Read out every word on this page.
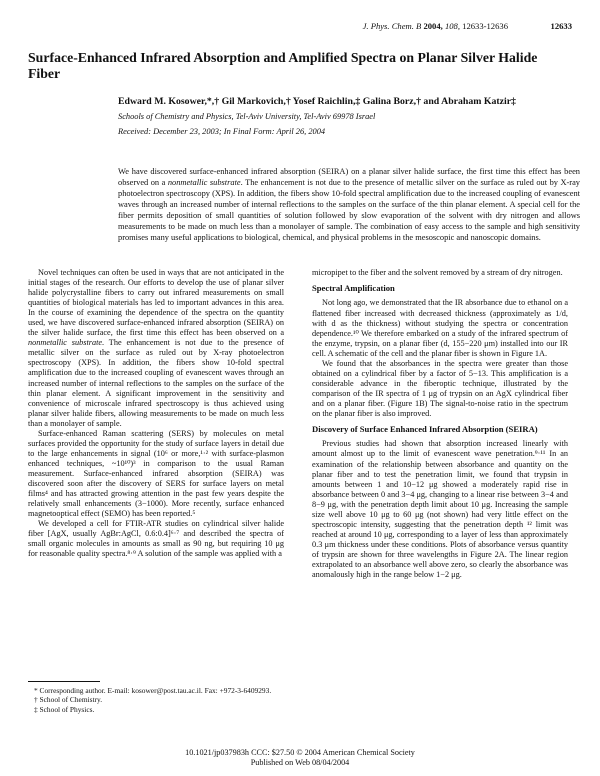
J. Phys. Chem. B 2004, 108, 12633-12636	12633
Surface-Enhanced Infrared Absorption and Amplified Spectra on Planar Silver Halide Fiber
Edward M. Kosower,*,† Gil Markovich,† Yosef Raichlin,‡ Galina Borz,† and Abraham Katzir‡
Schools of Chemistry and Physics, Tel-Aviv University, Tel-Aviv 69978 Israel
Received: December 23, 2003; In Final Form: April 26, 2004

We have discovered surface-enhanced infrared absorption (SEIRA) on a planar silver halide surface, the first time this effect has been observed on a nonmetallic substrate. The enhancement is not due to the presence of metallic silver on the surface as ruled out by X-ray photoelectron spectroscopy (XPS). In addition, the fibers show 10-fold spectral amplification due to the increased coupling of evanescent waves through an increased number of internal reflections to the samples on the surface of the thin planar element. A special cell for the fiber permits deposition of small quantities of solution followed by slow evaporation of the solvent with dry nitrogen and allows measurements to be made on much less than a monolayer of sample. The combination of easy access to the sample and high sensitivity promises many useful applications to biological, chemical, and physical problems in the mesoscopic and nanoscopic domains.

Novel techniques can often be used in ways that are not anticipated in the initial stages of the research. Our efforts to develop the use of planar silver halide polycrystalline fibers to carry out infrared measurements on small quantities of biological materials has led to important advances in this area. In the course of examining the dependence of the spectra on the quantity used, we have discovered surface-enhanced infrared absorption (SEIRA) on the silver halide surface, the first time this effect has been observed on a nonmetallic substrate. The enhancement is not due to the presence of metallic silver on the surface as ruled out by X-ray photoelectron spectroscopy (XPS). In addition, the fibers show 10-fold spectral amplification due to the increased coupling of evanescent waves through an increased number of internal reflections to the samples on the surface of the thin planar element. A significant improvement in the sensitivity and convenience of microscale infrared spectroscopy is thus achieved using planar silver halide fibers, allowing measurements to be made on much less than a monolayer of sample.

Surface-enhanced Raman scattering (SERS) by molecules on metal surfaces provided the opportunity for the study of surface layers in detail due to the large enhancements in signal (10⁶ or more,¹·² with surface-plasmon enhanced techniques, ~10¹⁰)³ in comparison to the usual Raman measurement. Surface-enhanced infrared absorption (SEIRA) was discovered soon after the discovery of SERS for surface layers on metal films⁴ and has attracted growing attention in the past few years despite the relatively small enhancements (3−1000). More recently, surface enhanced magnetooptical effect (SEMO) has been reported.⁵

We developed a cell for FTIR-ATR studies on cylindrical silver halide fiber [AgX, usually AgBr:AgCl, 0.6:0.4]⁶·⁷ and described the spectra of small organic molecules in amounts as small as 90 ng, but requiring 10 μg for reasonable quality spectra.⁸·⁹ A solution of the sample was applied with a

micropipet to the fiber and the solvent removed by a stream of dry nitrogen.

Spectral Amplification

Not long ago, we demonstrated that the IR absorbance due to ethanol on a flattened fiber increased with decreased thickness (approximately as 1/d, with d as the thickness) without studying the spectra or concentration dependence.¹⁰ We therefore embarked on a study of the infrared spectrum of the enzyme, trypsin, on a planar fiber (d, 155−220 μm) installed into our IR cell. A schematic of the cell and the planar fiber is shown in Figure 1A.

We found that the absorbances in the spectra were greater than those obtained on a cylindrical fiber by a factor of 5−13. This amplification is a considerable advance in the fiberoptic technique, illustrated by the comparison of the IR spectra of 1 μg of trypsin on an AgX cylindrical fiber and on a planar fiber. (Figure 1B) The signal-to-noise ratio in the spectrum on the planar fiber is also improved.

Discovery of Surface Enhanced Infrared Absorption (SEIRA)

Previous studies had shown that absorption increased linearly with amount almost up to the limit of evanescent wave penetration.⁹·¹¹ In an examination of the relationship between absorbance and quantity on the planar fiber and to test the penetration limit, we found that trypsin in amounts between 1 and 10−12 μg showed a moderately rapid rise in absorbance between 0 and 3−4 μg, changing to a linear rise between 3−4 and 8−9 μg, with the penetration depth limit about 10 μg. Increasing the sample size well above 10 μg to 60 μg (not shown) had very little effect on the spectroscopic intensity, suggesting that the penetration depth ¹² limit was reached at around 10 μg, corresponding to a layer of less than approximately 0.3 μm thickness under these conditions. Plots of absorbance versus quantity of trypsin are shown for three wavelengths in Figure 2A. The linear region extrapolated to an absorbance well above zero, so clearly the absorbance was anomalously high in the range below 1−2 μg.

* Corresponding author. E-mail: kosower@post.tau.ac.il. Fax: +972-3-6409293.
† School of Chemistry.
‡ School of Physics.
10.1021/jp037983h CCC: $27.50 © 2004 American Chemical Society
Published on Web 08/04/2004
